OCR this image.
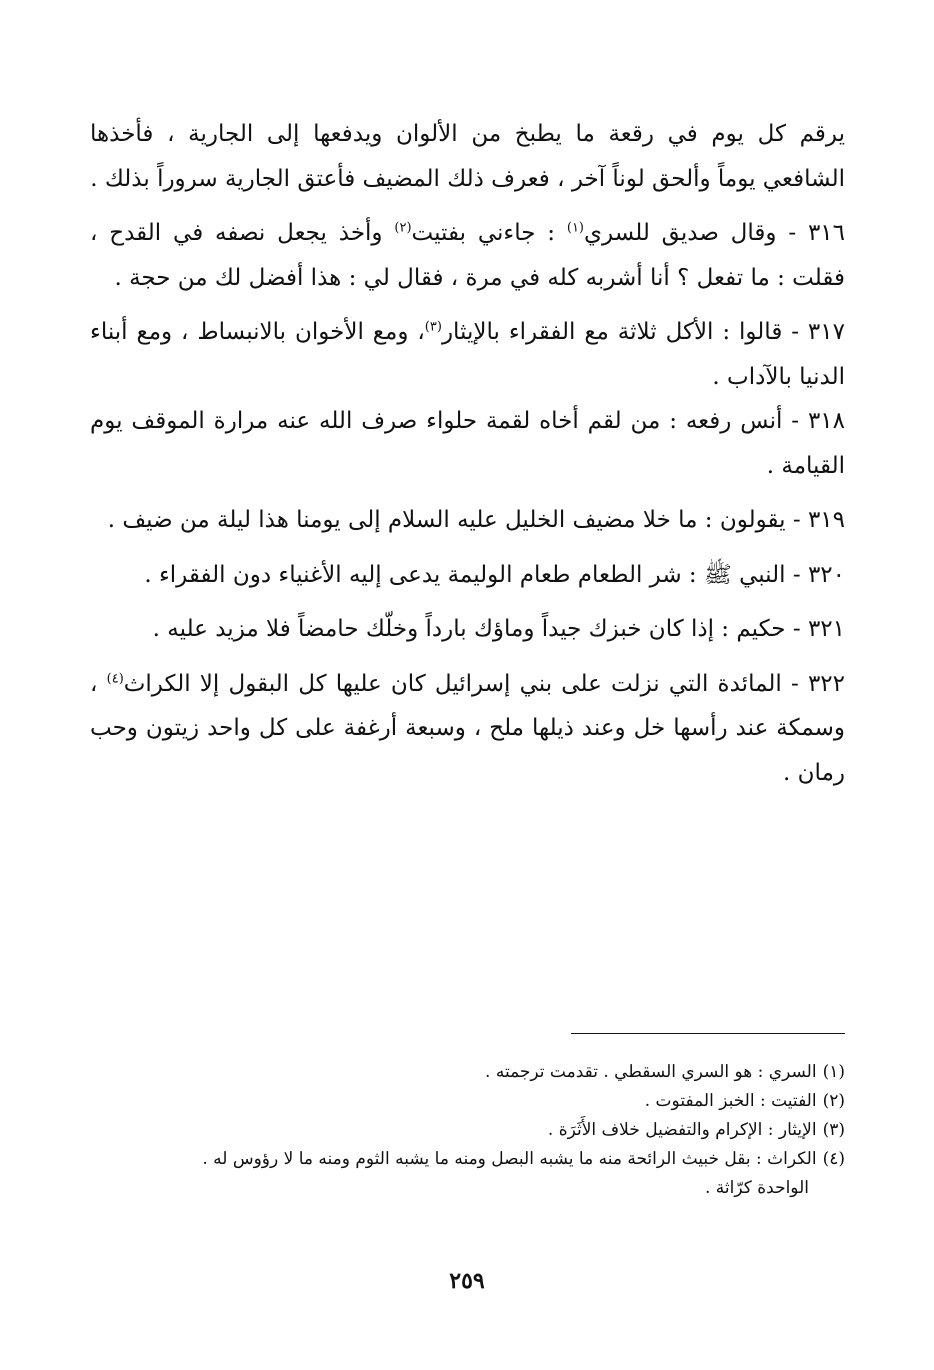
يرقم كل يوم في رقعة ما يطبخ من الألوان ويدفعها إلى الجارية ، فأخذها الشافعي يوماً وألحق لوناً آخر ، فعرف ذلك المضيف فأعتق الجارية سروراً بذلك .

٣١٦ - وقال صديق للسري$^{(١)}$ : جاءني بفتيت$^{(٢)}$ وأخذ يجعل نصفه في القدح ، فقلت : ما تفعل ؟ أنا أشربه كله في مرة ، فقال لي : هذا أفضل لك من حجة .

٣١٧ - قالوا : الأكل ثلاثة مع الفقراء بالإيثار$^{(٣)}$، ومع الأخوان بالانبساط ، ومع أبناء الدنيا بالآداب .

٣١٨ - أنس رفعه : من لقم أخاه لقمة حلواء صرف الله عنه مرارة الموقف يوم القيامة .

٣١٩ - يقولون : ما خلا مضيف الخليل عليه السلام إلى يومنا هذا ليلة من ضيف .

٣٢٠ - النبي ﷺ : شر الطعام طعام الوليمة يدعى إليه الأغنياء دون الفقراء .

٣٢١ - حكيم : إذا كان خبزك جيداً وماؤك بارداً وخلّك حامضاً فلا مزيد عليه .

٣٢٢ - المائدة التي نزلت على بني إسرائيل كان عليها كل البقول إلا الكراث$^{(٤)}$ ، وسمكة عند رأسها خل وعند ذيلها ملح ، وسبعة أرغفة على كل واحد زيتون وحب رمان .

(١)السري : هو السري السقطي . تقدمت ترجمته .

(٢)الفتيت : الخبز المفتوت .

(٣)الإيثار : الإكرام والتفضيل خلاف الأَثَرَة .

(٤)الكراث : بقل خبيث الرائحة منه ما يشبه البصل ومنه ما يشبه الثوم ومنه ما لا رؤوس له .

الواحدة كرّاثة .

٢٥٩
